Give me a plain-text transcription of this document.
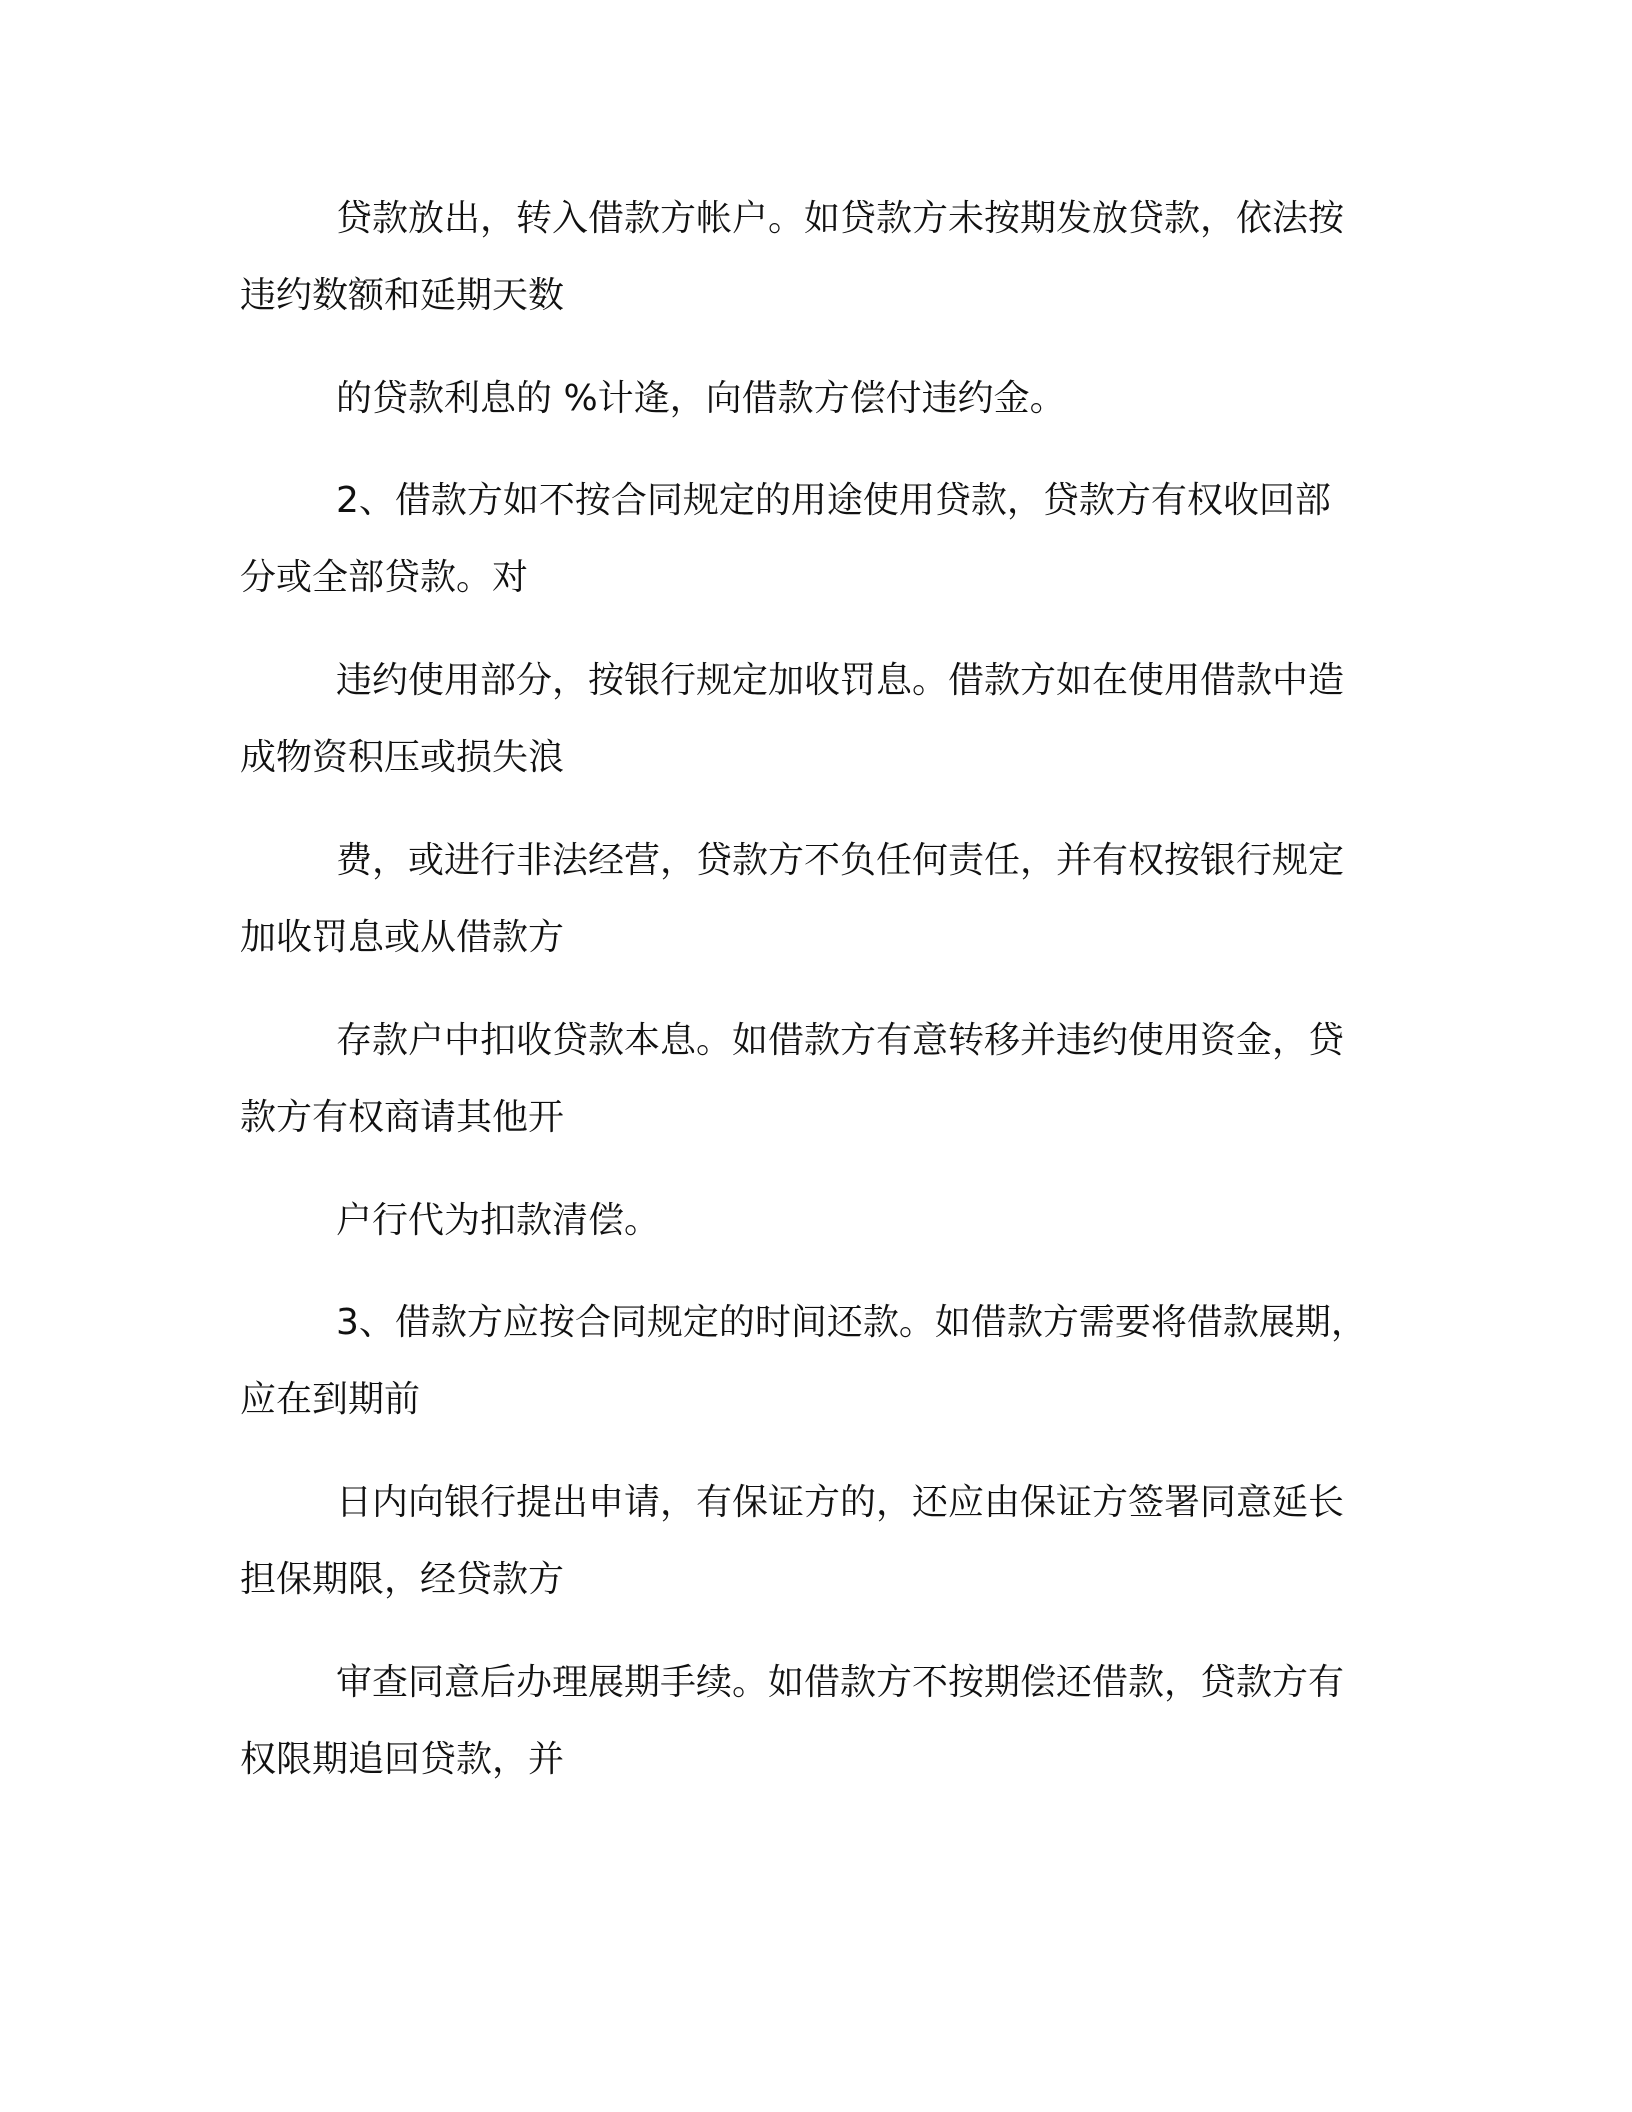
贷款放出，转入借款方帐户。如贷款方未按期发放贷款，依法按
违约数额和延期天数

的贷款利息的 %计逄，向借款方偿付违约金。

2、借款方如不按合同规定的用途使用贷款，贷款方有权收回部
分或全部贷款。对

违约使用部分，按银行规定加收罚息。借款方如在使用借款中造
成物资积压或损失浪

费，或进行非法经营，贷款方不负任何责任，并有权按银行规定
加收罚息或从借款方

存款户中扣收贷款本息。如借款方有意转移并违约使用资金，贷
款方有权商请其他开

户行代为扣款清偿。

3、借款方应按合同规定的时间还款。如借款方需要将借款展期，
应在到期前

日内向银行提出申请，有保证方的，还应由保证方签署同意延长
担保期限，经贷款方

审查同意后办理展期手续。如借款方不按期偿还借款，贷款方有
权限期追回贷款，并
